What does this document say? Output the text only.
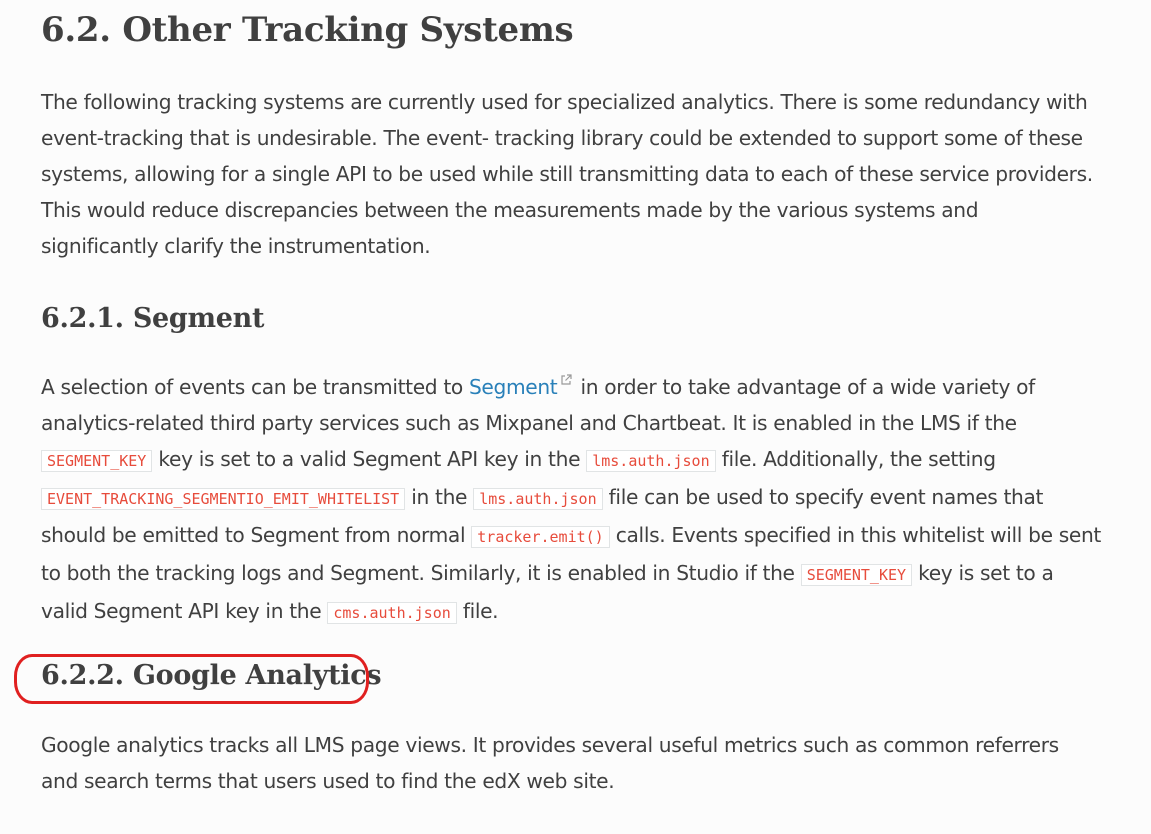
6.2. Other Tracking Systems

The following tracking systems are currently used for specialized analytics. There is some redundancy with event-tracking that is undesirable. The event- tracking library could be extended to support some of these systems, allowing for a single API to be used while still transmitting data to each of these service providers. This would reduce discrepancies between the measurements made by the various systems and significantly clarify the instrumentation.

6.2.1. Segment

A selection of events can be transmitted to Segment in order to take advantage of a wide variety of analytics-related third party services such as Mixpanel and Chartbeat. It is enabled in the LMS if the SEGMENT_KEY key is set to a valid Segment API key in the lms.auth.json file. Additionally, the setting EVENT_TRACKING_SEGMENTIO_EMIT_WHITELIST in the lms.auth.json file can be used to specify event names that should be emitted to Segment from normal tracker.emit() calls. Events specified in this whitelist will be sent to both the tracking logs and Segment. Similarly, it is enabled in Studio if the SEGMENT_KEY key is set to a valid Segment API key in the cms.auth.json file.

6.2.2. Google Analytics

Google analytics tracks all LMS page views. It provides several useful metrics such as common referrers and search terms that users used to find the edX web site.
